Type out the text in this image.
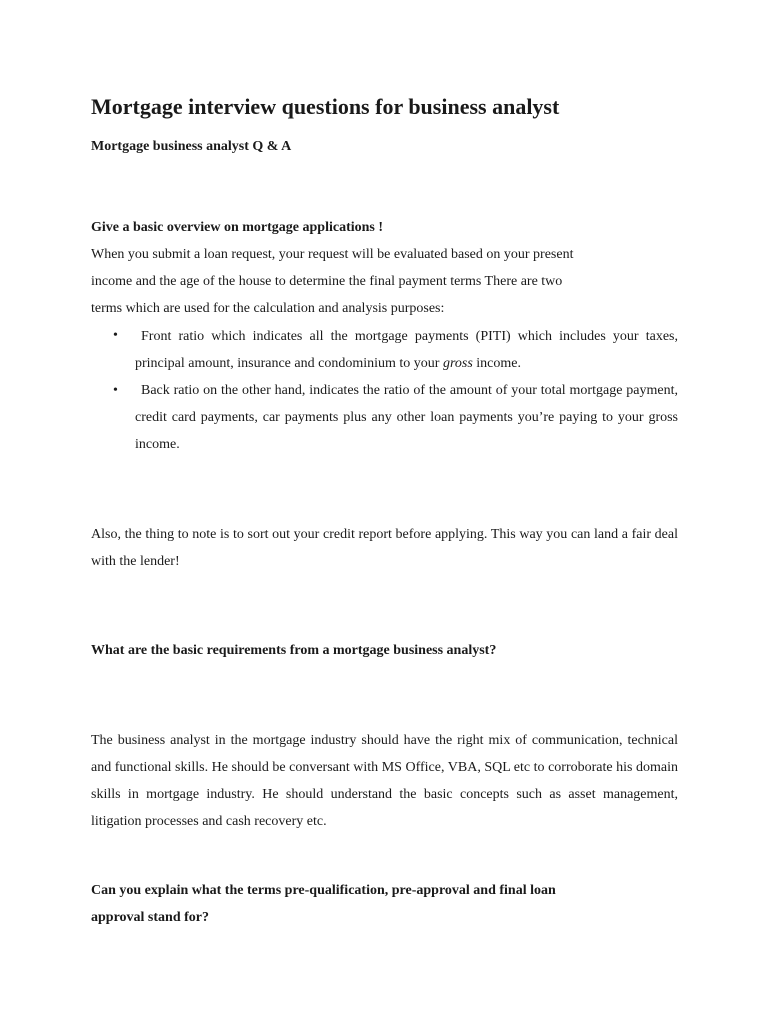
Mortgage interview questions for business analyst

Mortgage business analyst Q & A

Give a basic overview on mortgage applications !

When you submit a loan request, your request will be evaluated based on your present

income and the age of the house to determine the final payment terms There are two

terms which are used for the calculation and analysis purposes:

•	Front ratio which indicates all the mortgage payments (PITI) which includes your taxes, principal amount, insurance and condominium to your gross income.

•	Back ratio on the other hand, indicates the ratio of the amount of your total mortgage payment, credit card payments, car payments plus any other loan payments you’re paying to your gross income.

Also, the thing to note is to sort out your credit report before applying. This way you can land a fair deal with the lender!

What are the basic requirements from a mortgage business analyst?

The business analyst in the mortgage industry should have the right mix of communication, technical and functional skills. He should be conversant with MS Office, VBA, SQL etc to corroborate his domain skills in mortgage industry. He should understand the basic concepts such as asset management, litigation processes and cash recovery etc.

Can you explain what the terms pre-qualification, pre-approval and final loan

approval stand for?
